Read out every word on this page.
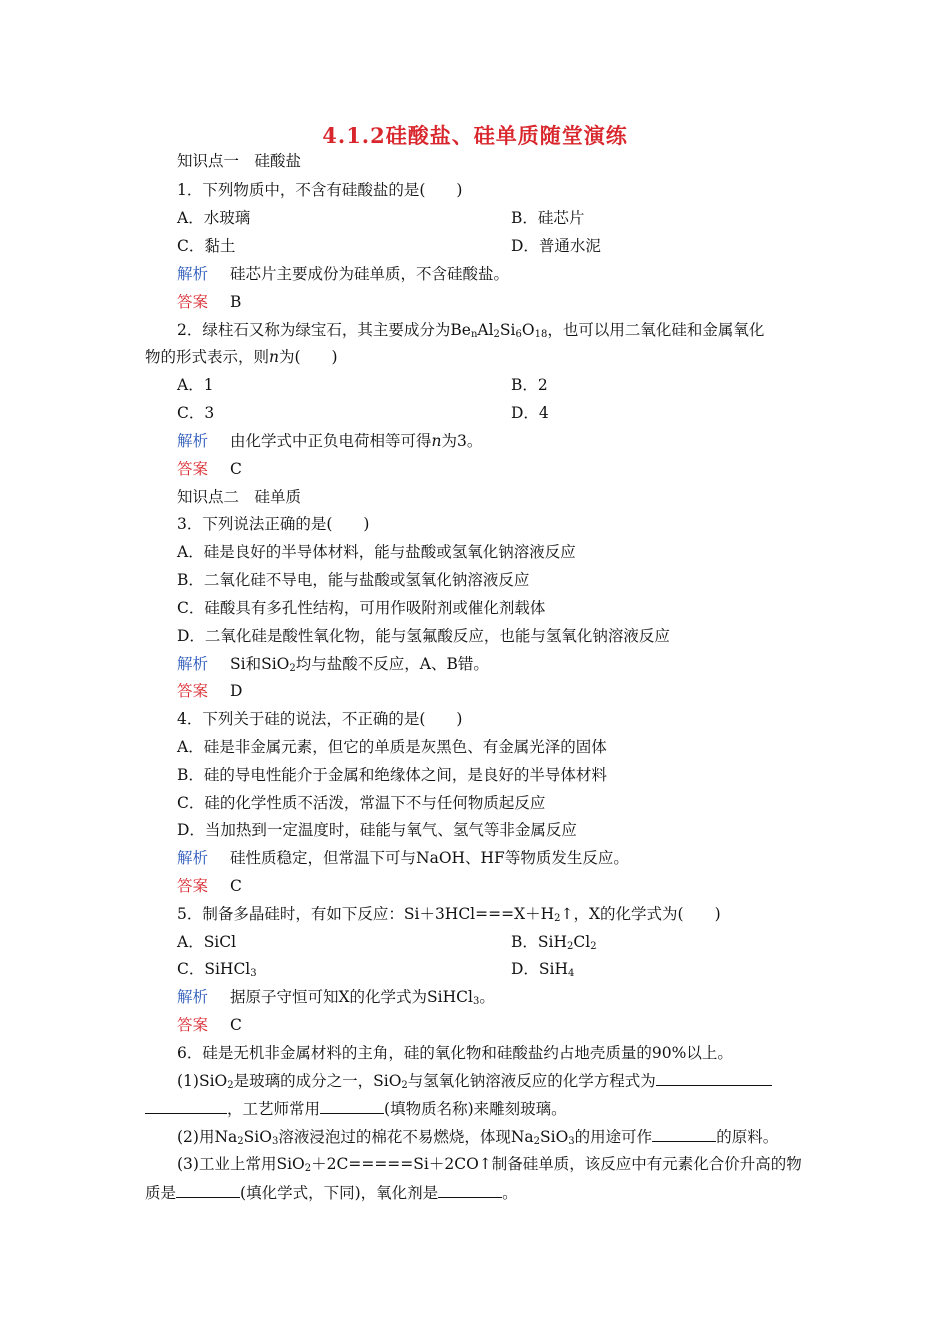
4.1.2硅酸盐、硅单质随堂演练
知识点一　硅酸盐
1．下列物质中，不含有硅酸盐的是(　　)
A．水玻璃	B．硅芯片
C．黏土	D．普通水泥
解析 硅芯片主要成份为硅单质，不含硅酸盐。
答案 B
2．绿柱石又称为绿宝石，其主要成分为$Be_nAl_2Si_6O_{18}$，也可以用二氧化硅和金属氧化
物的形式表示，则n为(　　)
A．1	B．2
C．3	D．4
解析 由化学式中正负电荷相等可得n为3。
答案 C
知识点二　硅单质
3．下列说法正确的是(　　)
A．硅是良好的半导体材料，能与盐酸或氢氧化钠溶液反应
B．二氧化硅不导电，能与盐酸或氢氧化钠溶液反应
C．硅酸具有多孔性结构，可用作吸附剂或催化剂载体
D．二氧化硅是酸性氧化物，能与氢氟酸反应，也能与氢氧化钠溶液反应
解析 Si和SiO$_2$均与盐酸不反应，A、B错。
答案 D
4．下列关于硅的说法，不正确的是(　　)
A．硅是非金属元素，但它的单质是灰黑色、有金属光泽的固体
B．硅的导电性能介于金属和绝缘体之间，是良好的半导体材料
C．硅的化学性质不活泼，常温下不与任何物质起反应
D．当加热到一定温度时，硅能与氧气、氢气等非金属反应
解析 硅性质稳定，但常温下可与NaOH、HF等物质发生反应。
答案 C
5．制备多晶硅时，有如下反应：$Si+3HCl===X+H_2↑$，X的化学式为(　　)
A．SiCl	B．$SiH_2Cl_2$
C．SiHCl$_3$	D．SiH$_4$
解析 据原子守恒可知X的化学式为SiHCl$_3$。
答案 C
6．硅是无机非金属材料的主角，硅的氧化物和硅酸盐约占地壳质量的90%以上。
(1)SiO$_2$是玻璃的成分之一，SiO$_2$与氢氧化钠溶液反应的化学方程式为
，工艺师常用	(填物质名称)来雕刻玻璃。
(2)用$Na_2SiO_3$溶液浸泡过的棉花不易燃烧，体现$Na_2SiO_3$的用途可作	的原料。
(3)工业上常用SiO$_2$＋2C=====Si＋2CO↑制备硅单质，该反应中有元素化合价升高的物
质是	(填化学式，下同)，氧化剂是	。
